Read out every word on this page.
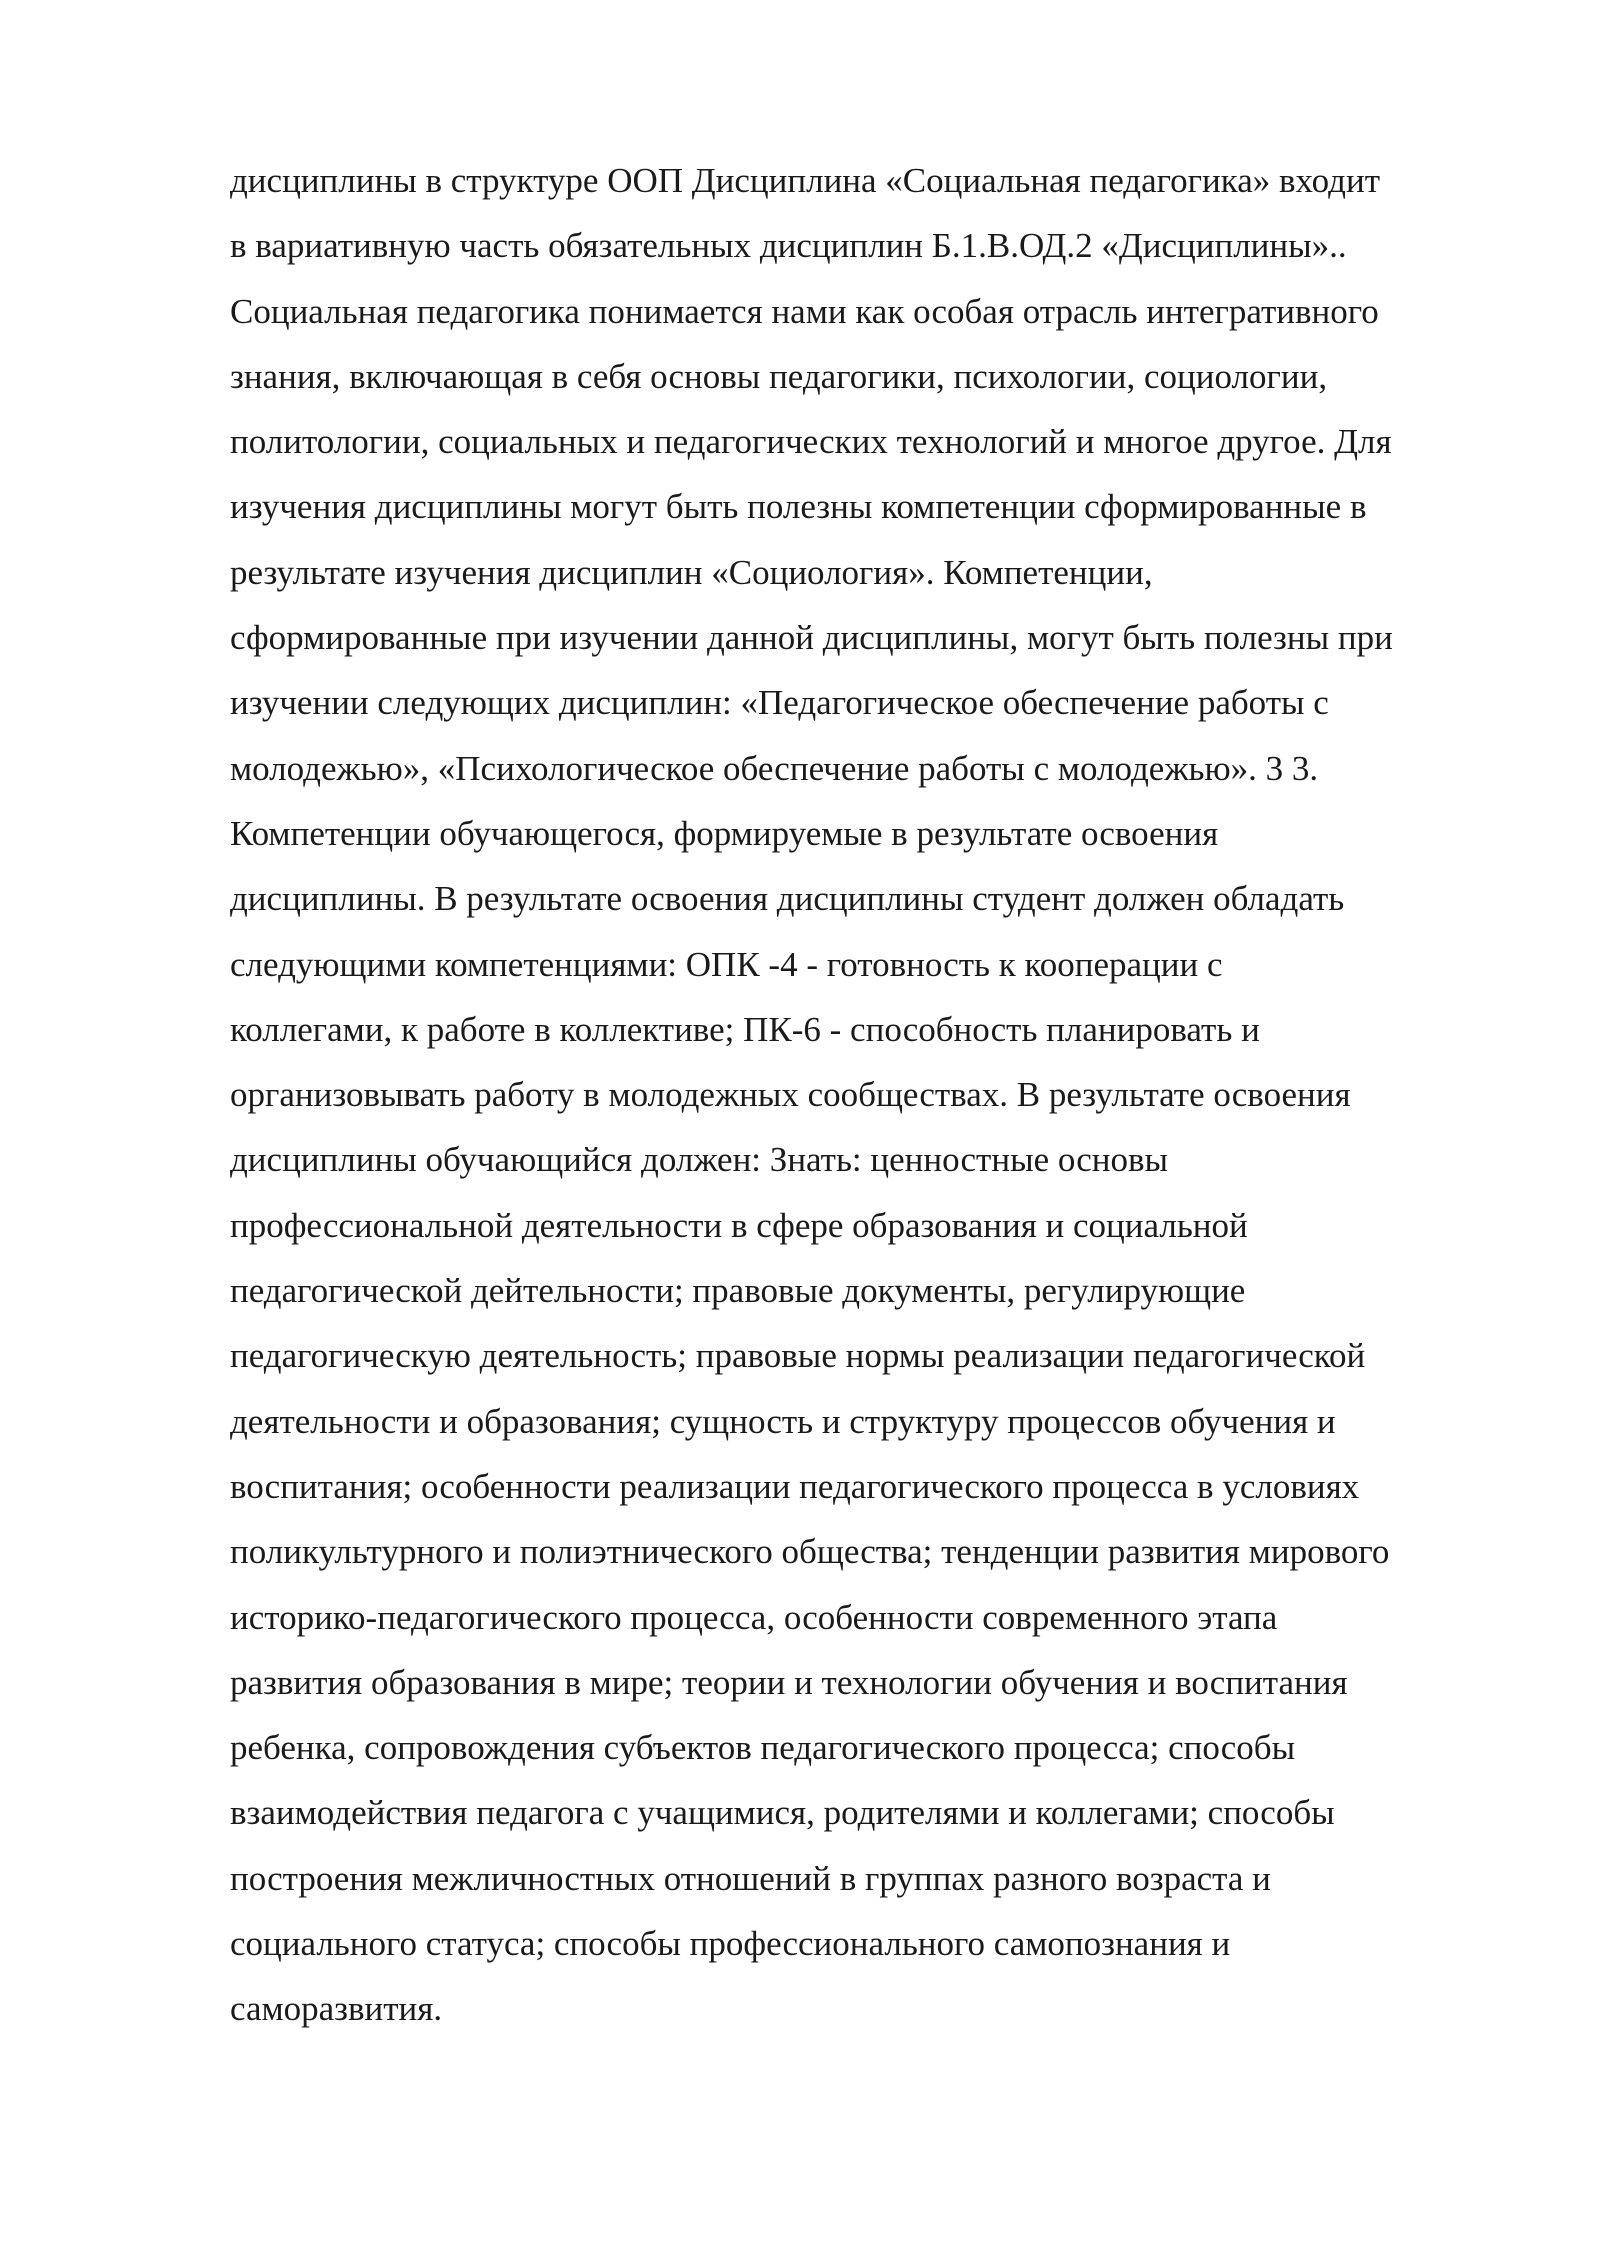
дисциплины в структуре ООП Дисциплина «Социальная педагогика» входит
в вариативную часть обязательных дисциплин Б.1.В.ОД.2 «Дисциплины»..
Социальная педагогика понимается нами как особая отрасль интегративного
знания, включающая в себя основы педагогики, психологии, социологии,
политологии, социальных и педагогических технологий и многое другое. Для
изучения дисциплины могут быть полезны компетенции сформированные в
результате изучения дисциплин «Социология». Компетенции,
сформированные при изучении данной дисциплины, могут быть полезны при
изучении следующих дисциплин: «Педагогическое обеспечение работы с
молодежью», «Психологическое обеспечение работы с молодежью». 3 3.
Компетенции обучающегося, формируемые в результате освоения
дисциплины. В результате освоения дисциплины студент должен обладать
следующими компетенциями: ОПК -4 - готовность к кооперации с
коллегами, к работе в коллективе; ПК-6 - способность планировать и
организовывать работу в молодежных сообществах. В результате освоения
дисциплины обучающийся должен: Знать: ценностные основы
профессиональной деятельности в сфере образования и социальной
педагогической дейтельности; правовые документы, регулирующие
педагогическую деятельность; правовые нормы реализации педагогической
деятельности и образования; сущность и структуру процессов обучения и
воспитания; особенности реализации педагогического процесса в условиях
поликультурного и полиэтнического общества; тенденции развития мирового
историко-педагогического процесса, особенности современного этапа
развития образования в мире; теории и технологии обучения и воспитания
ребенка, сопровождения субъектов педагогического процесса; способы
взаимодействия педагога с учащимися, родителями и коллегами; способы
построения межличностных отношений в группах разного возраста и
социального статуса; способы профессионального самопознания и
саморазвития.
